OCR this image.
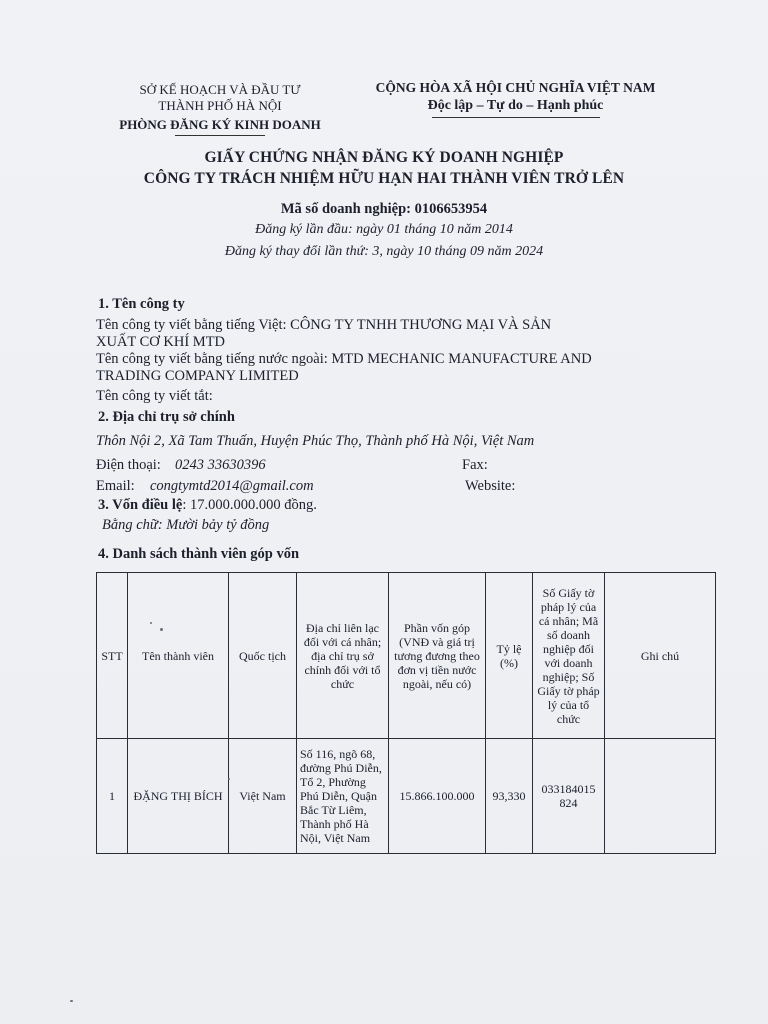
SỞ KẾ HOẠCH VÀ ĐẦU TƯ
THÀNH PHỐ HÀ NỘI
PHÒNG ĐĂNG KÝ KINH DOANH
CỘNG HÒA XÃ HỘI CHỦ NGHĨA VIỆT NAM
Độc lập – Tự do – Hạnh phúc
GIẤY CHỨNG NHẬN ĐĂNG KÝ DOANH NGHIỆP
CÔNG TY TRÁCH NHIỆM HỮU HẠN HAI THÀNH VIÊN TRỞ LÊN
Mã số doanh nghiệp: 0106653954
Đăng ký lần đầu: ngày 01 tháng 10 năm 2014
Đăng ký thay đổi lần thứ: 3, ngày 10 tháng 09 năm 2024
1. Tên công ty
Tên công ty viết bằng tiếng Việt: CÔNG TY TNHH THƯƠNG MẠI VÀ SẢN
XUẤT CƠ KHÍ MTD
Tên công ty viết bằng tiếng nước ngoài: MTD MECHANIC MANUFACTURE AND
TRADING COMPANY LIMITED
Tên công ty viết tắt:
2. Địa chỉ trụ sở chính
Thôn Nội 2, Xã Tam Thuấn, Huyện Phúc Thọ, Thành phố Hà Nội, Việt Nam
Điện thoại: 0243 33630396	Fax:
Email: congtymtd2014@gmail.com	Website:
3. Vốn điều lệ: 17.000.000.000 đồng.
Bằng chữ: Mười bảy tỷ đồng
4. Danh sách thành viên góp vốn
STT	Tên thành viên	Quốc tịch	Địa chỉ liên lạc đối với cá nhân; địa chỉ trụ sở chính đối với tổ chức	Phần vốn góp (VNĐ và giá trị tương đương theo đơn vị tiền nước ngoài, nếu có)	Tỷ lệ (%)	Số Giấy tờ pháp lý của cá nhân; Mã số doanh nghiệp đối với doanh nghiệp; Số Giấy tờ pháp lý của tổ chức	Ghi chú
1	ĐẶNG THỊ BÍCH	Việt Nam	Số 116, ngõ 68, đường Phú Diễn, Tổ 2, Phường Phú Diễn, Quận Bắc Từ Liêm, Thành phố Hà Nội, Việt Nam	15.866.100.000	93,330	033184015 824	
